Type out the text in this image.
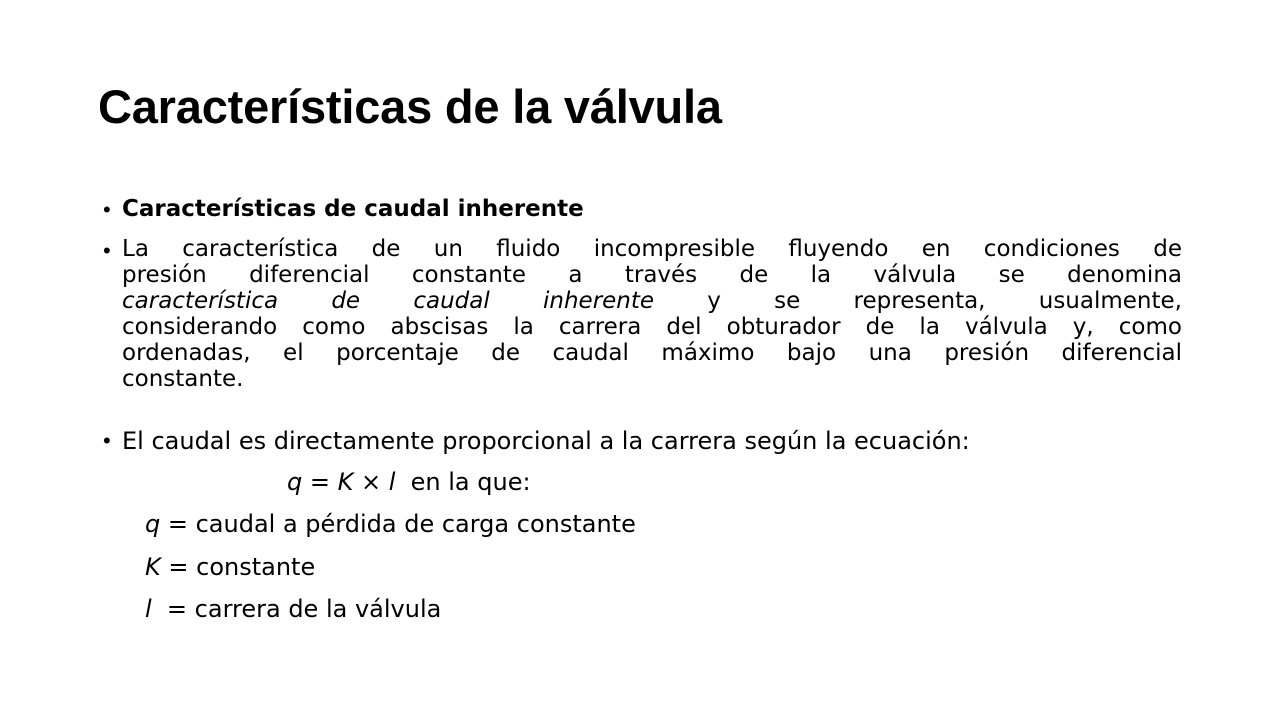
Características de la válvula
• Características de caudal inherente
• La característica de un fluido incompresible fluyendo en condiciones de
presión diferencial constante a través de la válvula se denomina
característica de caudal inherente y se representa, usualmente,
considerando como abscisas la carrera del obturador de la válvula y, como
ordenadas, el porcentaje de caudal máximo bajo una presión diferencial
constante.
• El caudal es directamente proporcional a la carrera según la ecuación:
q = K × l  en la que:
q = caudal a pérdida de carga constante
K = constante
l  = carrera de la válvula
